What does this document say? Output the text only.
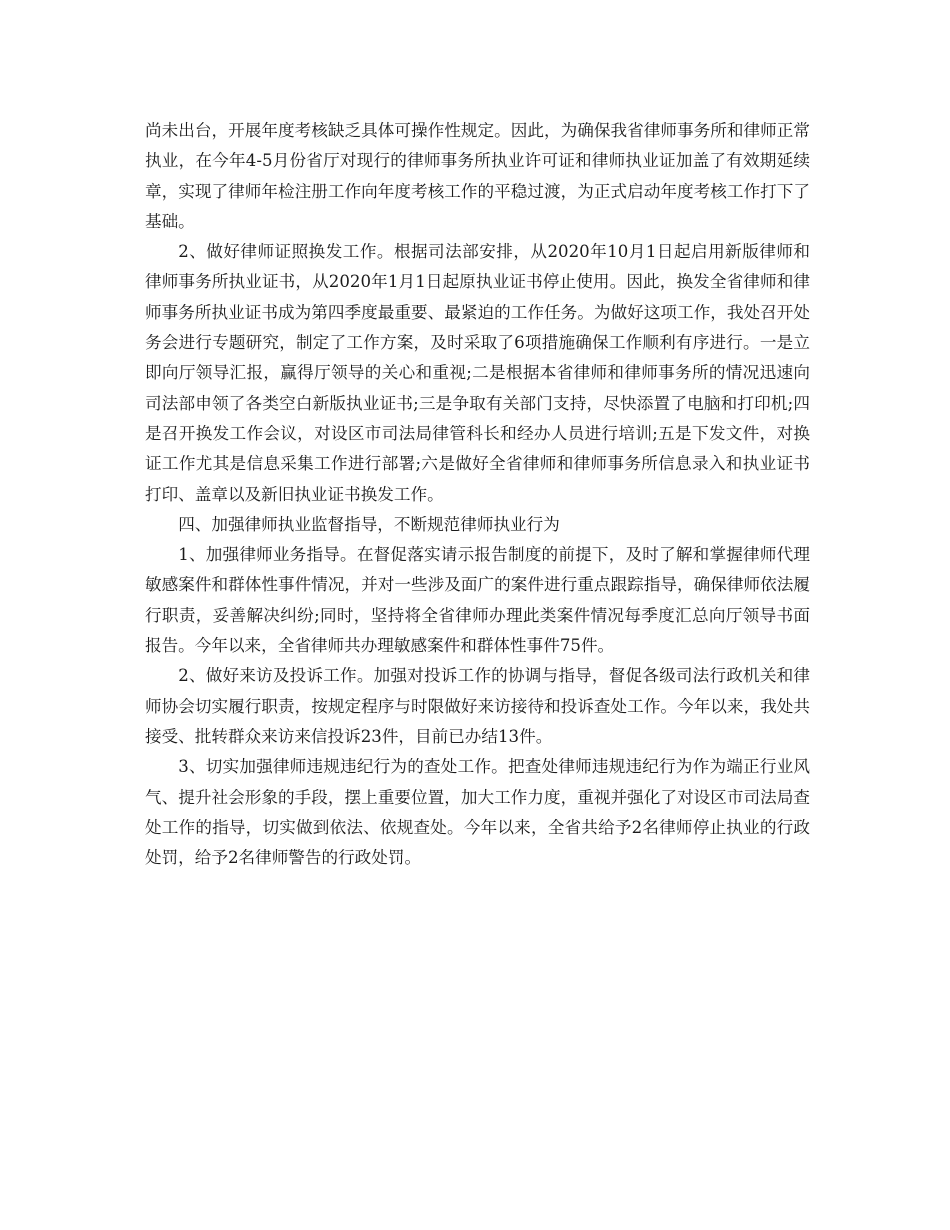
尚未出台，开展年度考核缺乏具体可操作性规定。因此，为确保我省律师事务所和律师正常执业，在今年4-5月份省厅对现行的律师事务所执业许可证和律师执业证加盖了有效期延续章，实现了律师年检注册工作向年度考核工作的平稳过渡，为正式启动年度考核工作打下了基础。

2、做好律师证照换发工作。根据司法部安排，从2020年10月1日起启用新版律师和律师事务所执业证书，从2020年1月1日起原执业证书停止使用。因此，换发全省律师和律师事务所执业证书成为第四季度最重要、最紧迫的工作任务。为做好这项工作，我处召开处务会进行专题研究，制定了工作方案，及时采取了6项措施确保工作顺利有序进行。一是立即向厅领导汇报，赢得厅领导的关心和重视;二是根据本省律师和律师事务所的情况迅速向司法部申领了各类空白新版执业证书;三是争取有关部门支持，尽快添置了电脑和打印机;四是召开换发工作会议，对设区市司法局律管科长和经办人员进行培训;五是下发文件，对换证工作尤其是信息采集工作进行部署;六是做好全省律师和律师事务所信息录入和执业证书打印、盖章以及新旧执业证书换发工作。

四、加强律师执业监督指导，不断规范律师执业行为

1、加强律师业务指导。在督促落实请示报告制度的前提下，及时了解和掌握律师代理敏感案件和群体性事件情况，并对一些涉及面广的案件进行重点跟踪指导，确保律师依法履行职责，妥善解决纠纷;同时，坚持将全省律师办理此类案件情况每季度汇总向厅领导书面报告。今年以来，全省律师共办理敏感案件和群体性事件75件。

2、做好来访及投诉工作。加强对投诉工作的协调与指导，督促各级司法行政机关和律师协会切实履行职责，按规定程序与时限做好来访接待和投诉查处工作。今年以来，我处共接受、批转群众来访来信投诉23件，目前已办结13件。

3、切实加强律师违规违纪行为的查处工作。把查处律师违规违纪行为作为端正行业风气、提升社会形象的手段，摆上重要位置，加大工作力度，重视并强化了对设区市司法局查处工作的指导，切实做到依法、依规查处。今年以来，全省共给予2名律师停止执业的行政处罚，给予2名律师警告的行政处罚。
